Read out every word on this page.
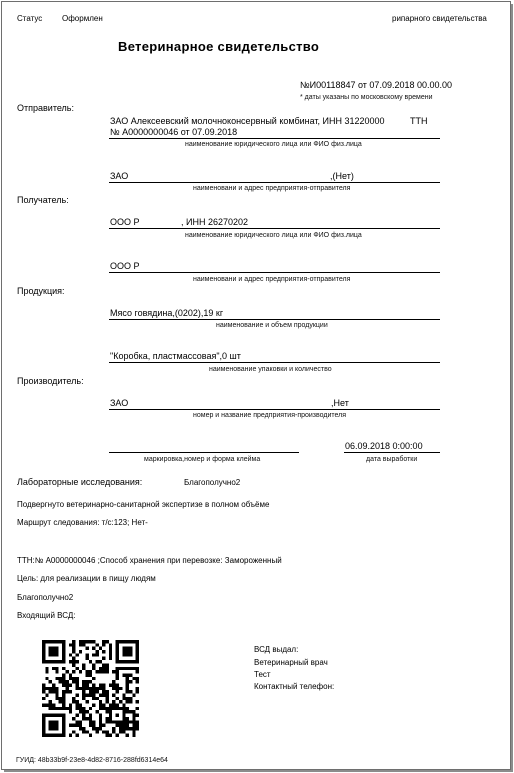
Статус Оформлен	рипарного свидетельства
Ветеринарное свидетельство
№И00118847 от 07.09.2018 00.00.00
* даты указаны по московскому времени
Отправитель:
ЗАО Алексеевский молочноконсервный комбинат, ИНН 31220000	ТТН
№ А0000000046 от 07.09.2018
наименование юридического лица или ФИО физ.лица
ЗАО	,(Нет)
наименовани и адрес предприятия-отправителя
Получатель:
ООО Р	, ИНН 26270202
наименование юридического лица или ФИО физ.лица
ООО Р
наименовани и адрес предприятия-отправителя
Продукция:
Мясо говядина,(0202),19 кг
наименование и объем продукции
"Коробка, пластмассовая",0 шт
наименование упаковки и количество
Производитель:
ЗАО	,Нет
номер и название предприятия-производителя
06.09.2018 0:00:00
маркировка,номер и форма клейма	дата выработки
Лабораторные исследования:	Благополучно2
Подвергнуто ветеринарно-санитарной экспертизе в полном объёме
Маршрут следования: т/с:123; Нет-
ТТН:№ А0000000046 ;Способ хранения при перевозке: Замороженный
Цель: для реализации в пищу людям
Благополучно2
Входящий ВСД:
ВСД выдал:
Ветеринарный врач
Тест
Контактный телефон:
ГУИД: 48b33b9f-23e8-4d82-8716-288fd6314e64
